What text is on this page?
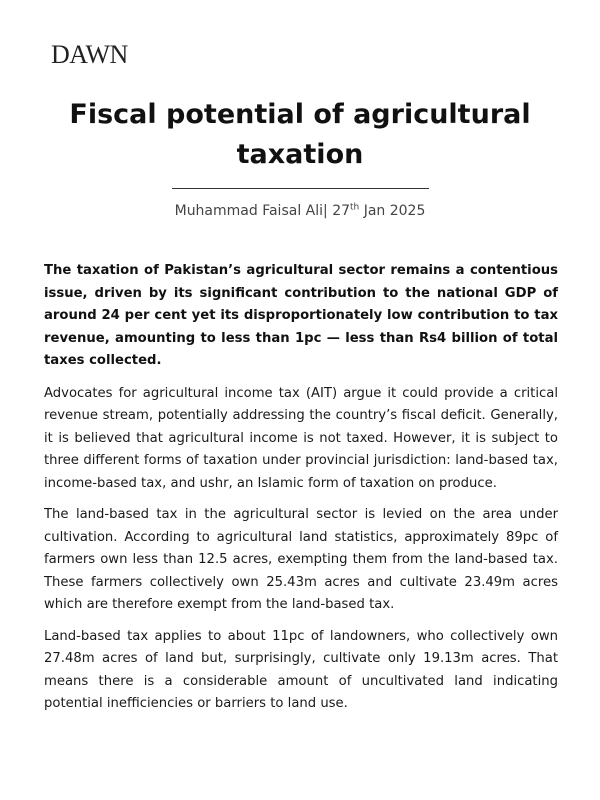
DAWN
Fiscal potential of agricultural taxation
Muhammad Faisal Ali| 27th Jan 2025

The taxation of Pakistan’s agricultural sector remains a contentious issue, driven by its significant contribution to the national GDP of around 24 per cent yet its disproportionately low contribution to tax revenue, amounting to less than 1pc — less than Rs4 billion of total taxes collected.

Advocates for agricultural income tax (AIT) argue it could provide a critical revenue stream, potentially addressing the country’s fiscal deficit. Generally, it is believed that agricultural income is not taxed. However, it is subject to three different forms of taxation under provincial jurisdiction: land-based tax, income-based tax, and ushr, an Islamic form of taxation on produce.

The land-based tax in the agricultural sector is levied on the area under cultivation. According to agricultural land statistics, approximately 89pc of farmers own less than 12.5 acres, exempting them from the land-based tax. These farmers collectively own 25.43m acres and cultivate 23.49m acres which are therefore exempt from the land-based tax.

Land-based tax applies to about 11pc of landowners, who collectively own 27.48m acres of land but, surprisingly, cultivate only 19.13m acres. That means there is a considerable amount of uncultivated land indicating potential inefficiencies or barriers to land use.
